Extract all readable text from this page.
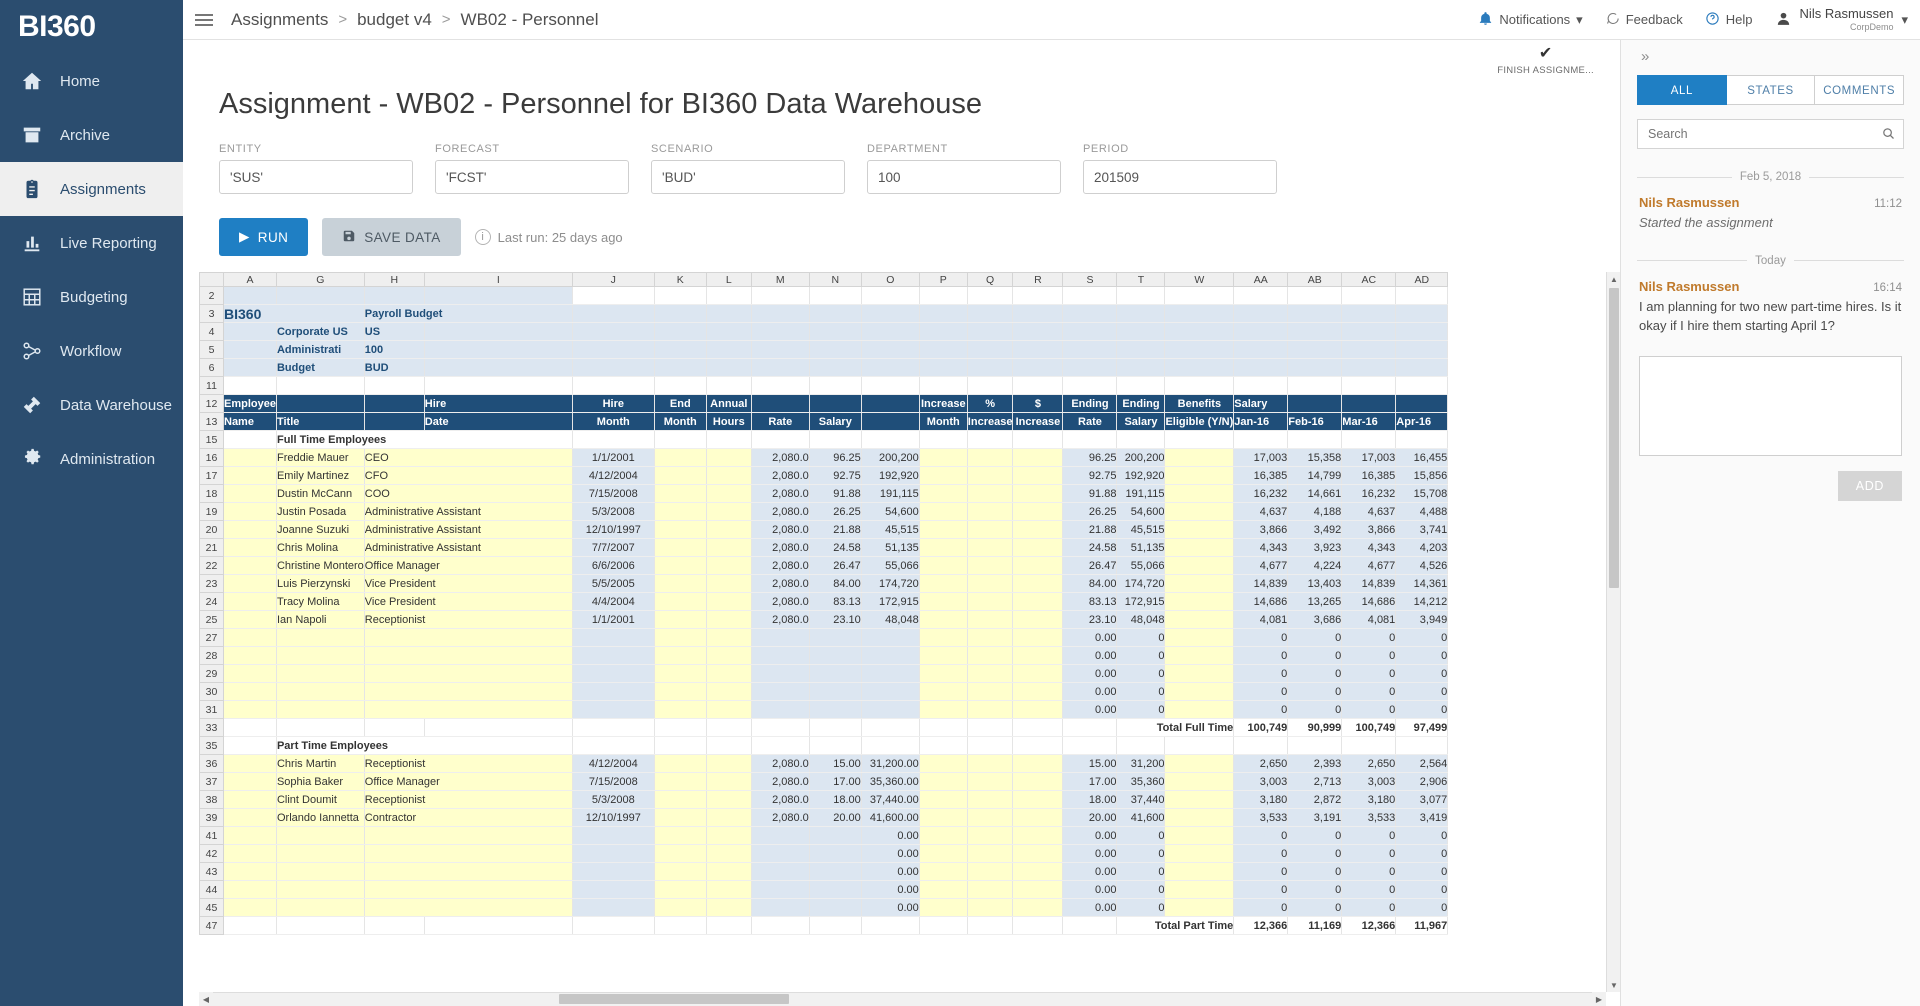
BI360
Home
Archive
Assignments
Live Reporting
Budgeting
Workflow
Data Warehouse
Administration
Assignments > budget v4 > WB02 - Personnel	Notifications ▾	Feedback	Help	Nils Rasmussen
CorpDemo
▾
✔
FINISH ASSIGNME...
Assignment - WB02 - Personnel for BI360 Data Warehouse
ENTITY
'SUS'	FORECAST
'FCST'	SCENARIO
'BUD'	DEPARTMENT
100	PERIOD
201509
▶ RUN	SAVE DATA	i	Last run: 25 days ago
	A	G	H	I	J	K	L	M	N	O	P	Q	R	S	T	W	AA	AB	AC	AD
2																				
3	BI360		Payroll Budget																	
4		Corporate US	US																	
5		Administrati	100																	
6		Budget	BUD																	
11																				
12	Employee			Hire	Hire	End	Annual				Increase	%	$	Ending	Ending	Benefits	Salary			
13	Name	Title		Date	Month	Month	Hours	Rate	Salary		Month	Increase	Increase	Rate	Salary	Eligible (Y/N)	Jan-16	Feb-16	Mar-16	Apr-16
15		Full Time Employees																		
16		Freddie Mauer	CEO		1/1/2001			2,080.0	96.25	200,200				96.25	200,200		17,003	15,358	17,003	16,455
17		Emily Martinez	CFO		4/12/2004			2,080.0	92.75	192,920				92.75	192,920		16,385	14,799	16,385	15,856
18		Dustin McCann	COO		7/15/2008			2,080.0	91.88	191,115				91.88	191,115		16,232	14,661	16,232	15,708
19		Justin Posada	Administrative Assistant		5/3/2008			2,080.0	26.25	54,600				26.25	54,600		4,637	4,188	4,637	4,488
20		Joanne Suzuki	Administrative Assistant		12/10/1997			2,080.0	21.88	45,515				21.88	45,515		3,866	3,492	3,866	3,741
21		Chris Molina	Administrative Assistant		7/7/2007			2,080.0	24.58	51,135				24.58	51,135		4,343	3,923	4,343	4,203
22		Christine Montero	Office Manager		6/6/2006			2,080.0	26.47	55,066				26.47	55,066		4,677	4,224	4,677	4,526
23		Luis Pierzynski	Vice President		5/5/2005			2,080.0	84.00	174,720				84.00	174,720		14,839	13,403	14,839	14,361
24		Tracy Molina	Vice President		4/4/2004			2,080.0	83.13	172,915				83.13	172,915		14,686	13,265	14,686	14,212
25		Ian Napoli	Receptionist		1/1/2001			2,080.0	23.10	48,048				23.10	48,048		4,081	3,686	4,081	3,949
27														0.00	0		0	0	0	0
28														0.00	0		0	0	0	0
29														0.00	0		0	0	0	0
30														0.00	0		0	0	0	0
31														0.00	0		0	0	0	0
33															Total Full Time		100,749	90,999	100,749	97,499
35		Part Time Employees																		
36		Chris Martin	Receptionist		4/12/2004			2,080.0	15.00	31,200.00				15.00	31,200		2,650	2,393	2,650	2,564
37		Sophia Baker	Office Manager		7/15/2008			2,080.0	17.00	35,360.00				17.00	35,360		3,003	2,713	3,003	2,906
38		Clint Doumit	Receptionist		5/3/2008			2,080.0	18.00	37,440.00				18.00	37,440		3,180	2,872	3,180	3,077
39		Orlando Iannetta	Contractor		12/10/1997			2,080.0	20.00	41,600.00				20.00	41,600		3,533	3,191	3,533	3,419
41										0.00				0.00	0		0	0	0	0
42										0.00				0.00	0		0	0	0	0
43										0.00				0.00	0		0	0	0	0
44										0.00				0.00	0		0	0	0	0
45										0.00				0.00	0		0	0	0	0
47															Total Part Time		12,366	11,169	12,366	11,967
▲
▼
◀	▶
»
ALL	STATES	COMMENTS
Search
Feb 5, 2018
Nils Rasmussen	11:12
Started the assignment
Today
Nils Rasmussen	16:14
I am planning for two new part-time hires. Is it okay if I hire them starting April 1?
ADD
